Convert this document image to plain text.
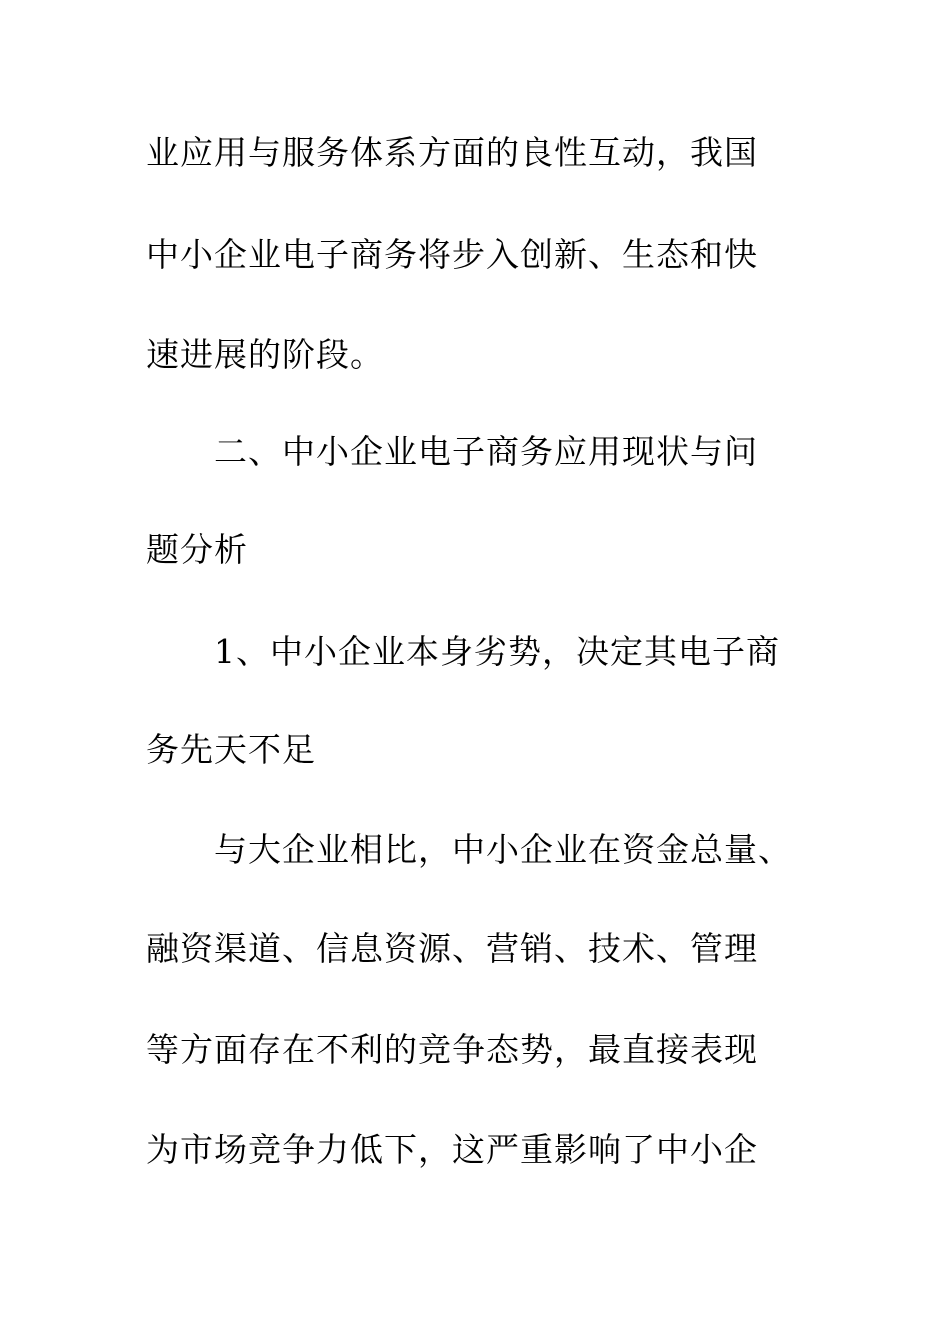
业应用与服务体系方面的良性互动，我国
中小企业电子商务将步入创新、生态和快
速进展的阶段。
二、中小企业电子商务应用现状与问
题分析
1、中小企业本身劣势，决定其电子商
务先天不足
与大企业相比，中小企业在资金总量、
融资渠道、信息资源、营销、技术、管理
等方面存在不利的竞争态势，最直接表现
为市场竞争力低下，这严重影响了中小企
